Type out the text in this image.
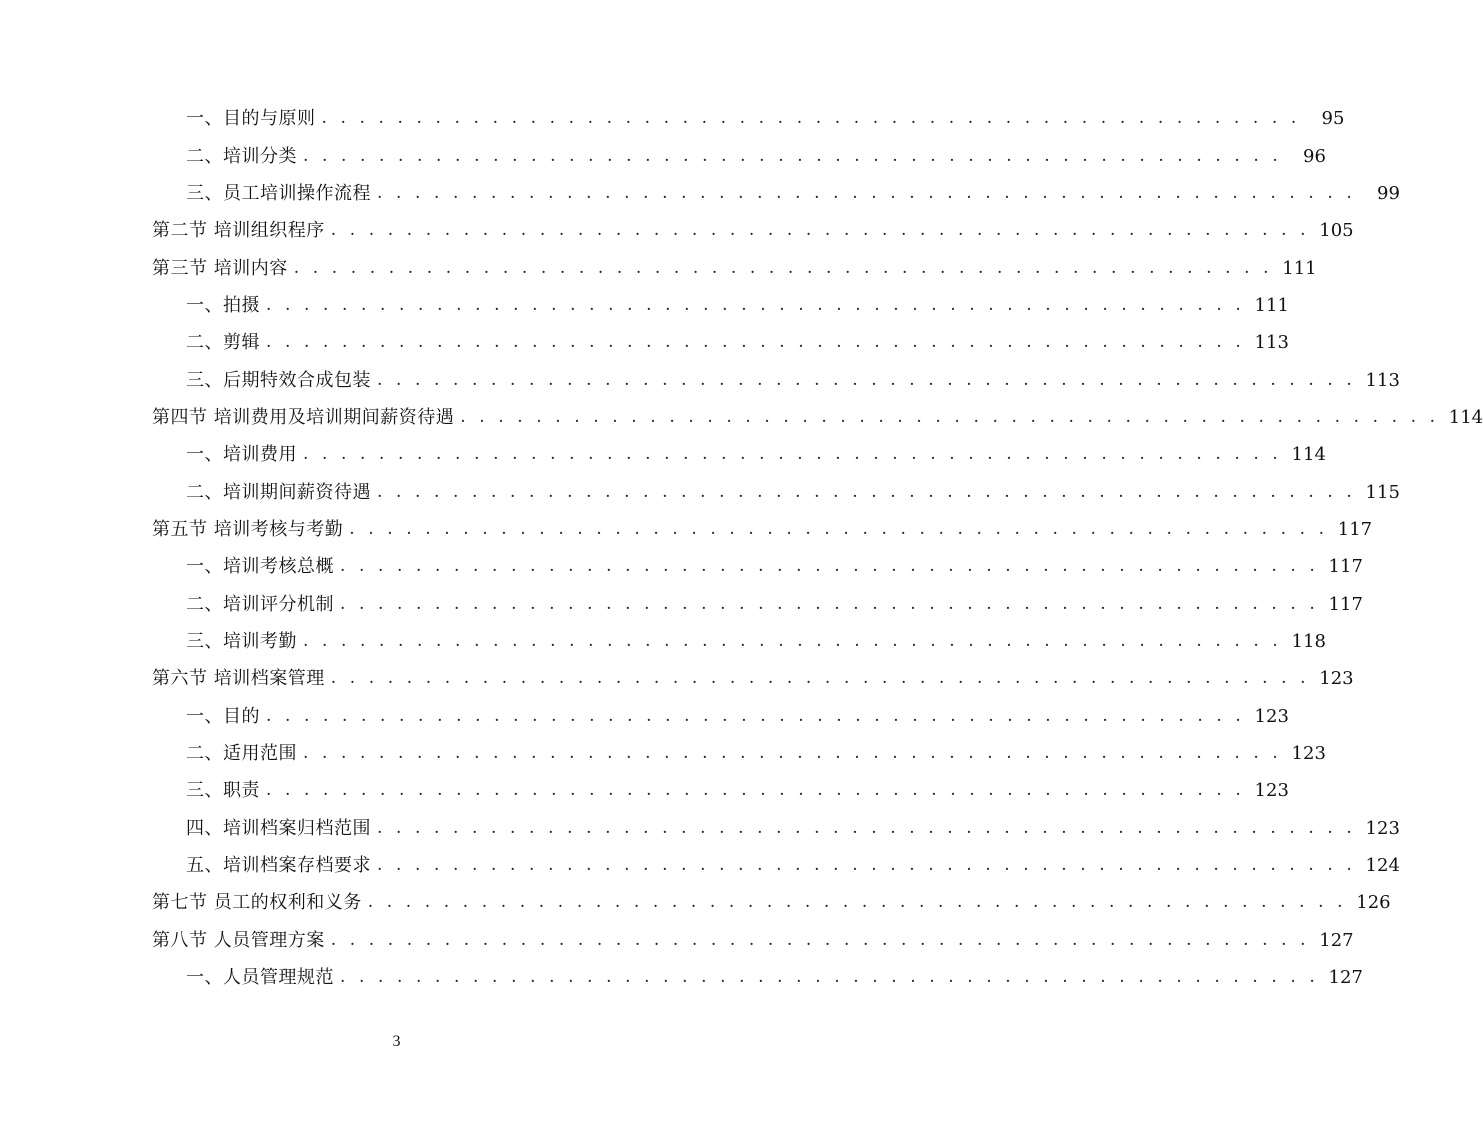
一、目的与原则 . . . . . . . . . . . . . . . . . . . . . . . . . . . . . . . . . . . . . . . . . . . . . . . . . . . .	95
二、培训分类 . . . . . . . . . . . . . . . . . . . . . . . . . . . . . . . . . . . . . . . . . . . . . . . . . . . .	96
三、员工培训操作流程 . . . . . . . . . . . . . . . . . . . . . . . . . . . . . . . . . . . . . . . . . . . . . . . . . . . .	99
第二节 培训组织程序 . . . . . . . . . . . . . . . . . . . . . . . . . . . . . . . . . . . . . . . . . . . . . . . . . . . . 105
第三节 培训内容 . . . . . . . . . . . . . . . . . . . . . . . . . . . . . . . . . . . . . . . . . . . . . . . . . . . . 111
一、拍摄 . . . . . . . . . . . . . . . . . . . . . . . . . . . . . . . . . . . . . . . . . . . . . . . . . . . . 111
二、剪辑 . . . . . . . . . . . . . . . . . . . . . . . . . . . . . . . . . . . . . . . . . . . . . . . . . . . . 113
三、后期特效合成包装 . . . . . . . . . . . . . . . . . . . . . . . . . . . . . . . . . . . . . . . . . . . . . . . . . . . . 113
第四节 培训费用及培训期间薪资待遇 . . . . . . . . . . . . . . . . . . . . . . . . . . . . . . . . . . . . . . . . . . . . . . . . . . . . 114
一、培训费用 . . . . . . . . . . . . . . . . . . . . . . . . . . . . . . . . . . . . . . . . . . . . . . . . . . . . 114
二、培训期间薪资待遇 . . . . . . . . . . . . . . . . . . . . . . . . . . . . . . . . . . . . . . . . . . . . . . . . . . . . 115
第五节 培训考核与考勤 . . . . . . . . . . . . . . . . . . . . . . . . . . . . . . . . . . . . . . . . . . . . . . . . . . . . 117
一、培训考核总概 . . . . . . . . . . . . . . . . . . . . . . . . . . . . . . . . . . . . . . . . . . . . . . . . . . . . 117
二、培训评分机制 . . . . . . . . . . . . . . . . . . . . . . . . . . . . . . . . . . . . . . . . . . . . . . . . . . . . 117
三、培训考勤 . . . . . . . . . . . . . . . . . . . . . . . . . . . . . . . . . . . . . . . . . . . . . . . . . . . . 118
第六节 培训档案管理 . . . . . . . . . . . . . . . . . . . . . . . . . . . . . . . . . . . . . . . . . . . . . . . . . . . . 123
一、目的 . . . . . . . . . . . . . . . . . . . . . . . . . . . . . . . . . . . . . . . . . . . . . . . . . . . . 123
二、适用范围 . . . . . . . . . . . . . . . . . . . . . . . . . . . . . . . . . . . . . . . . . . . . . . . . . . . . 123
三、职责 . . . . . . . . . . . . . . . . . . . . . . . . . . . . . . . . . . . . . . . . . . . . . . . . . . . . 123
四、培训档案归档范围 . . . . . . . . . . . . . . . . . . . . . . . . . . . . . . . . . . . . . . . . . . . . . . . . . . . . 123
五、培训档案存档要求 . . . . . . . . . . . . . . . . . . . . . . . . . . . . . . . . . . . . . . . . . . . . . . . . . . . . 124
第七节 员工的权利和义务 . . . . . . . . . . . . . . . . . . . . . . . . . . . . . . . . . . . . . . . . . . . . . . . . . . . . 126
第八节 人员管理方案 . . . . . . . . . . . . . . . . . . . . . . . . . . . . . . . . . . . . . . . . . . . . . . . . . . . . 127
一、人员管理规范 . . . . . . . . . . . . . . . . . . . . . . . . . . . . . . . . . . . . . . . . . . . . . . . . . . . . 127
3
